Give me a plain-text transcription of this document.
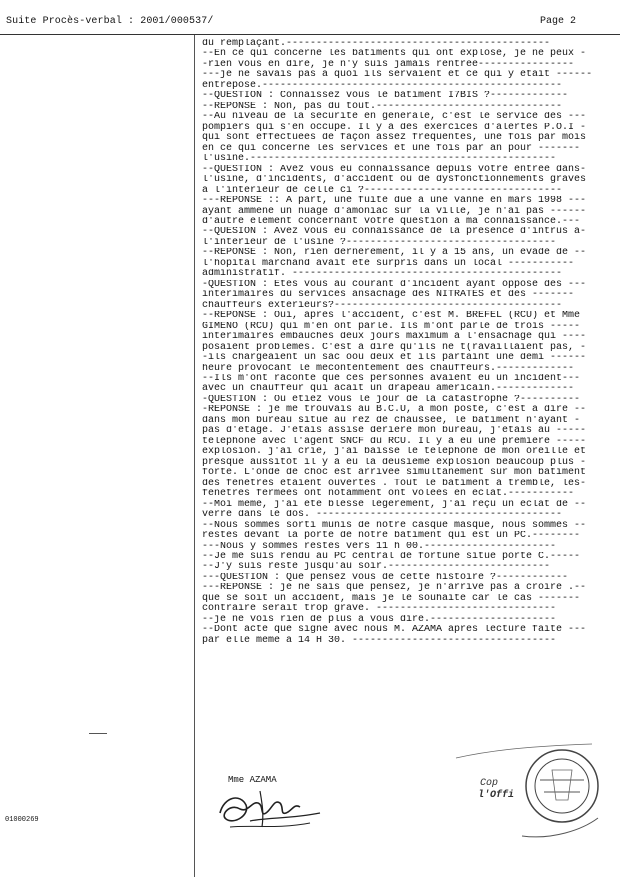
Suite Procès-verbal : 2001/000537/	Page 2
01000269
du remplaçant.--------------------------------------------
--En ce qui concerne les batiments qui ont explosé, je ne peux -
-rien vous en dire, je n'y suis jamais rentrée----------------
---je ne savais pas à quoi ils servaient et ce qui y était ------
entreposé.--------------------------------------------------
--QUESTION : Connaissez vous le batiment I7BIS ?-------------
--REPONSE : Non, pas du tout.-------------------------------
--Au niveau de la sécurité en générale, c'est le service des ---
pompiers qui s'en occupe. Il y a des exercices d'alertes P.O.I -
qui sont effectuées de façon assez fréquentes, une fois par mois
en ce qui concerne les services et une fois par an pour -------
l'usine.---------------------------------------------------
--QUESTION : Avez vous eu connaissance depuis votre entrée dans-
l'usine, d'incidents, d'accident ou de dysfonctionnements graves
à l'intérieur de celle ci ?---------------------------------
---REPONSE :: A part, une fuite dûe à une vanne en mars 1998 ---
ayant ammené un nuage d'amoniac sur la ville, je n'ai pas ------
d'autre élément concernant votre question à ma connaissance.---
--QUESION : Avez vous eu connaissance de la présence d'intrus à-
l'intérieur de l'usine ?-----------------------------------
--REPONSE : Non, rien dernérement, il y a 15 ans, un évadé de --
l'hopital marchand avait été surpris dans un local -----------
administratif. ---------------------------------------------
-QUESTION : Etes vous au courant d'incident ayant opposé des ---
intérimaires du services ansachage des NITRATES et des -------
chauffeurs exterieurs?--------------------------------------
--REPONSE : Oui, après l'accident, c'est M. BREFEL (RCU) et Mme
GIMENO (RCU) qui m'en ont parlé. Ils m'ont parlé de trois -----
intérimaires embauchés deux jours maximum à l'ensachage qui ----
posaient problèmes. C'est à dire qu'ils ne t(ravaillaient pas, -
-ils chargeaient un sac oou deux et ils partaint une demi ------
heure provocant le mécontentement des chauffeurs.-------------
--Ils m'ont raconté que ces personnes avaient eu un incident---
avec un chauffeur qui acait un drapeau américain.-------------
-QUESTION : Ou étiez vous le jour de la catastrophe ?----------
-REPONSE : je me trouvais au B.C.U, à mon poste, c'est à dire --
dans mon bureau situé au rez de chaussée, le batiment n'ayant -
pas d'étage. J'étais assise dériére mon bureau, j'étais au -----
téléphone avec l'agent SNCF du RCU. Il y a eu une première -----
explosion. j'ai crié, j'ai baissé le téléphone de mon oreille et
présque aussitot il y a eu la deusième explosion beaucoup plus -
forte. L'onde de choc est arrivée simultanément sur mon batiment
des fenêtres étaient ouvertes . Tout le batiment a tremblé, les-
fenêtres fermées ont notamment ont volées en éclat.-----------
--Moi même, j'ai été blessé légerement, j'ai reçu un éclat de --
verre dans le dos. -----------------------------------------
--Nous sommes sorti munis de notre casque masque, nous sommes --
restés devant la porte de notre batiment qui est un PC.--------
---Nous y sommes restés vers 11 h 00.----------------------
--Je me suis rendu au PC central de fortune situé porte C.-----
--J'y suis resté jusqu'au soir.---------------------------
---QUESTION : Que pensez vous de cette histoire ?------------
---REPONSE : je ne sais que pensez, je n'arrive pas à croire .--
que se soit un accident, mais je le souhaite car le cas -------
contraire serait trop grave. ------------------------------
--je ne vois rien de plus à vous dire.---------------------
--Dont acte que signe avec nous M. AZAMA après lecture faite ---
par elle même à 14 H 30. ----------------------------------
Mme AZAMA	Cop
l'Offi
